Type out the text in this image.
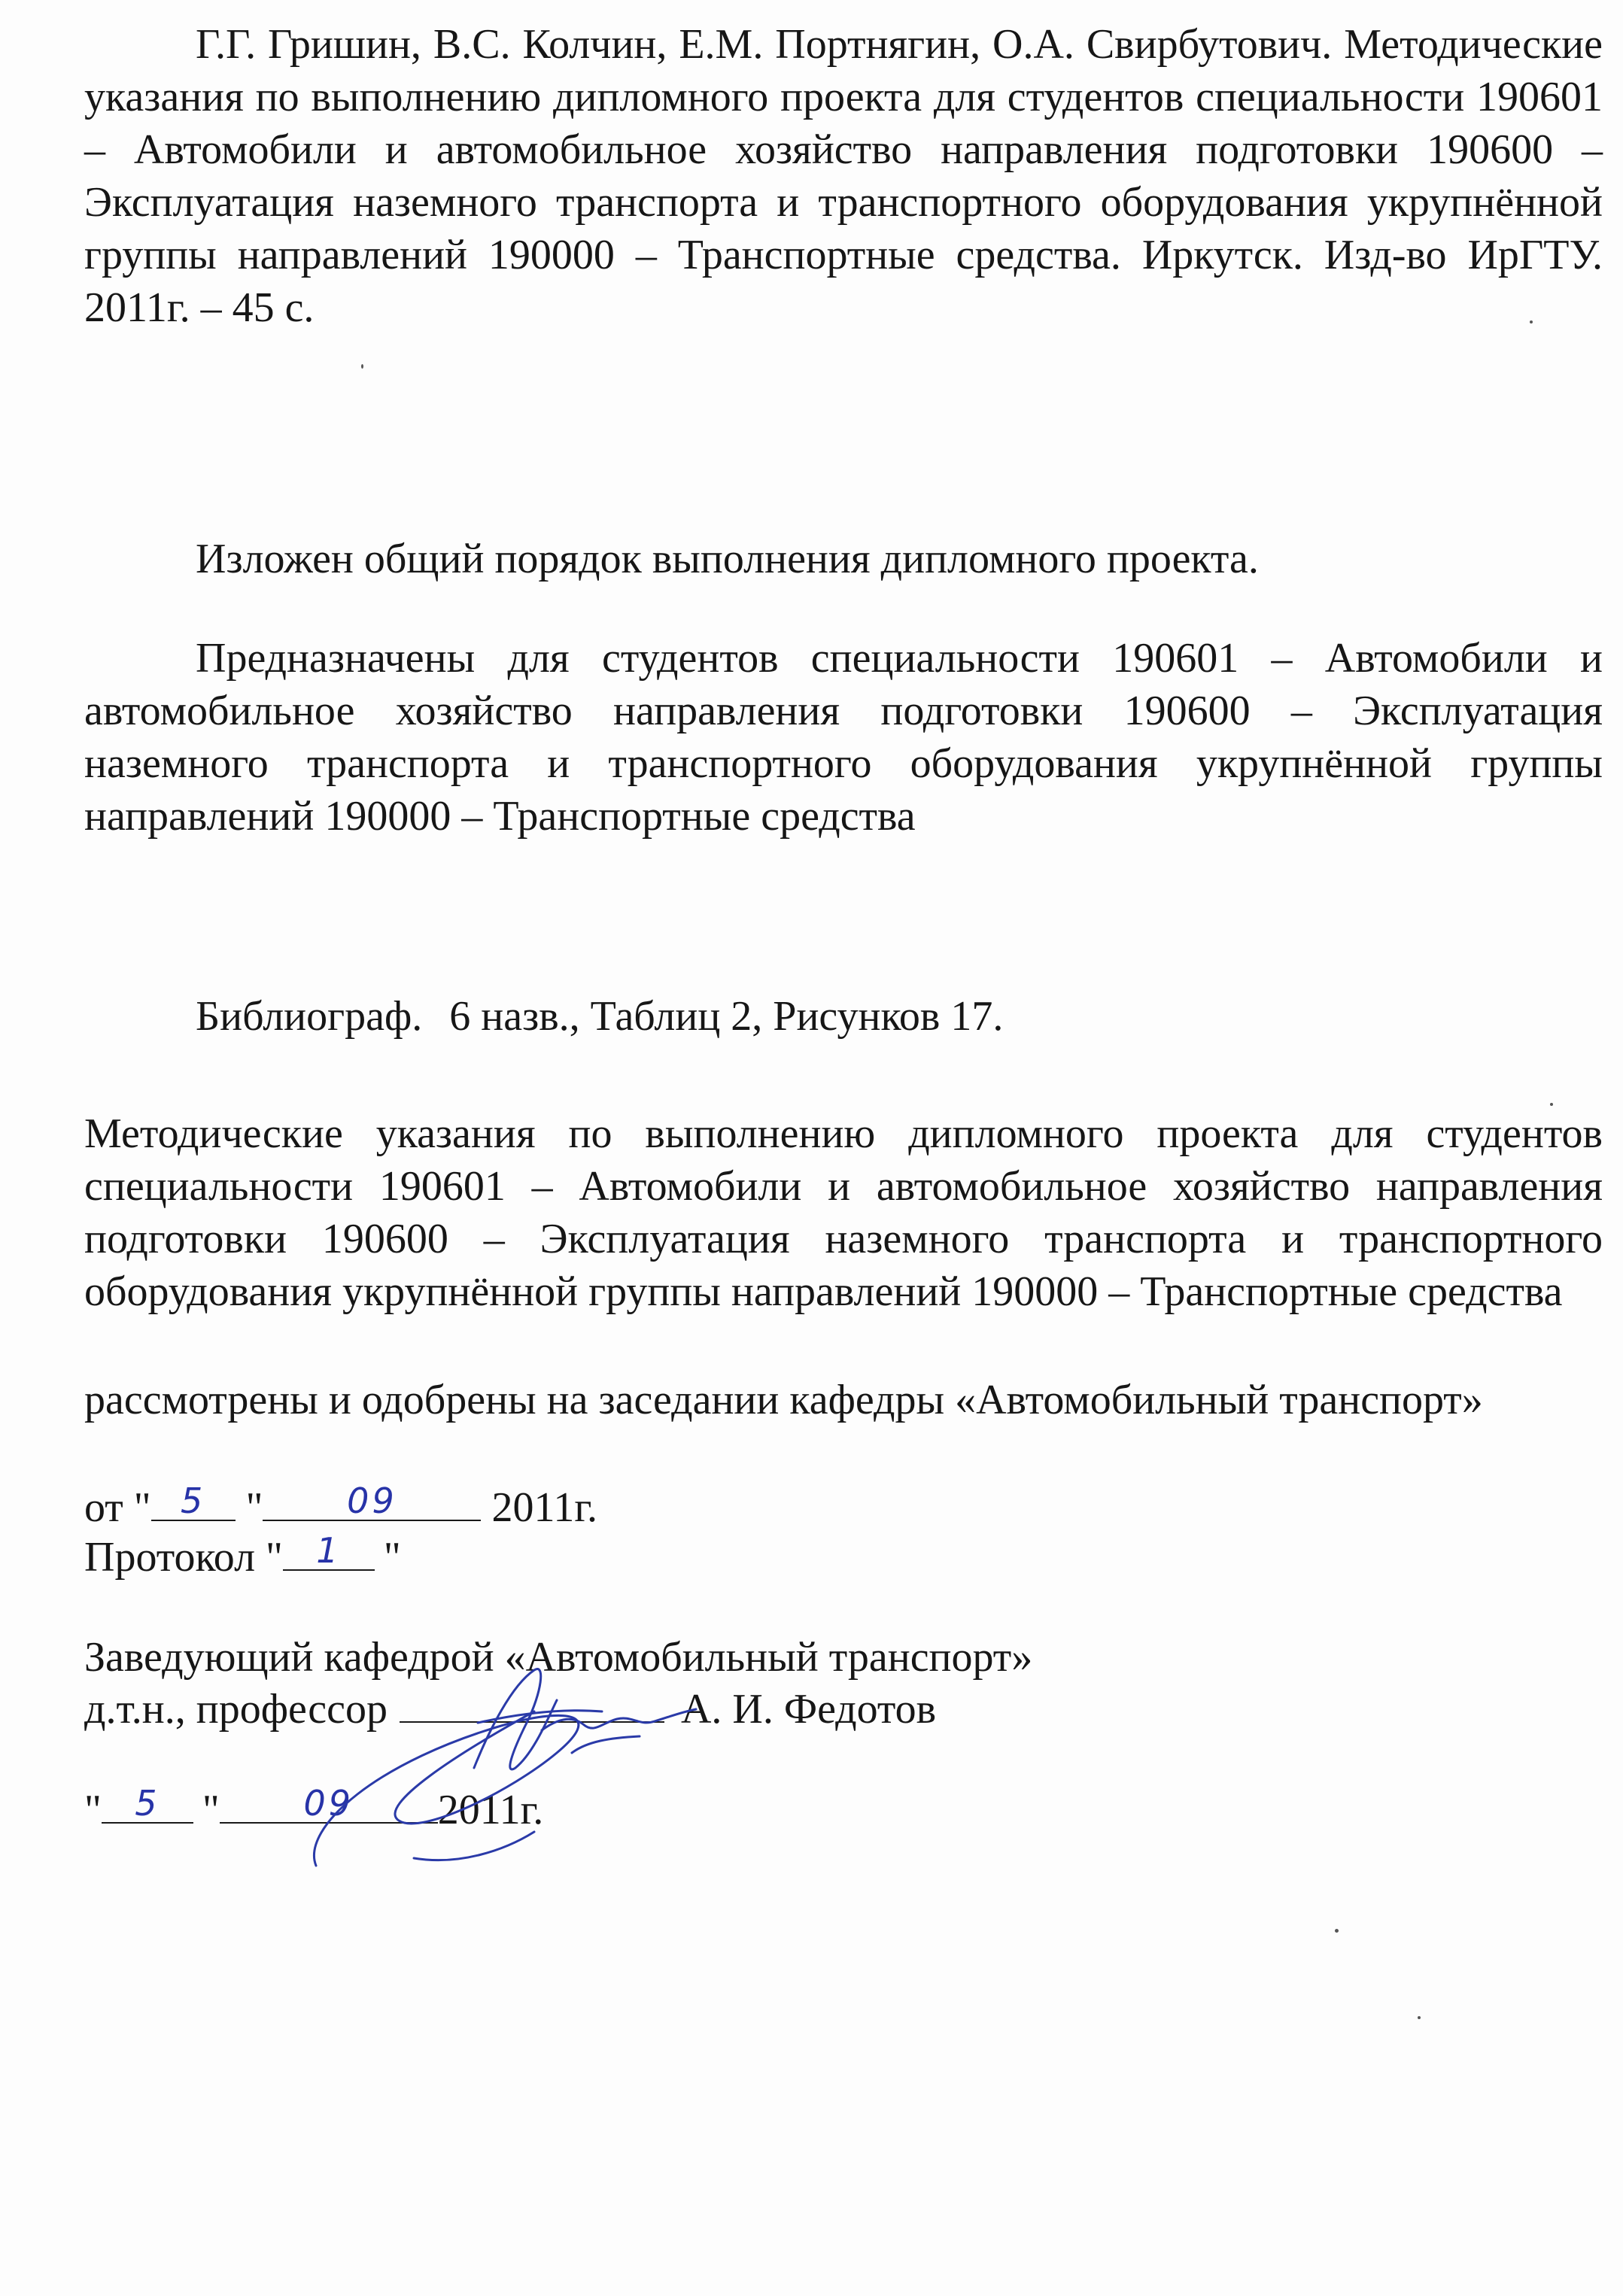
Г.Г. Гришин, В.С. Колчин, Е.М. Портнягин, О.А. Свирбутович. Методические указания по выполнению дипломного проекта для студентов специальности 190601 – Автомобили и автомобильное хозяйство направления подготовки 190600 – Эксплуатация наземного транспорта и транспортного оборудования укрупнённой группы направлений 190000 – Транспортные средства. Иркутск. Изд-во ИрГТУ. 2011г. – 45 с.

Изложен общий порядок выполнения дипломного проекта.

Предназначены для студентов специальности 190601 – Автомобили и автомобильное хозяйство направления подготовки 190600 – Эксплуатация наземного транспорта и транспортного оборудования укрупнённой группы направлений 190000 – Транспортные средства

Библиограф. 6 назв., Таблиц 2, Рисунков 17.

Методические указания по выполнению дипломного проекта для студентов специальности 190601 – Автомобили и автомобильное хозяйство направления подготовки 190600 – Эксплуатация наземного транспорта и транспортного оборудования укрупнённой группы направлений 190000 – Транспортные средства

рассмотрены и одобрены на заседании кафедры «Автомобильный транспорт»

от " 5 "	09	2011г.

Протокол " 1	"

Заведующий кафедрой «Автомобильный транспорт»

д.т.н., профессор	А. И. Федотов

" 5	"	09	2011г.
